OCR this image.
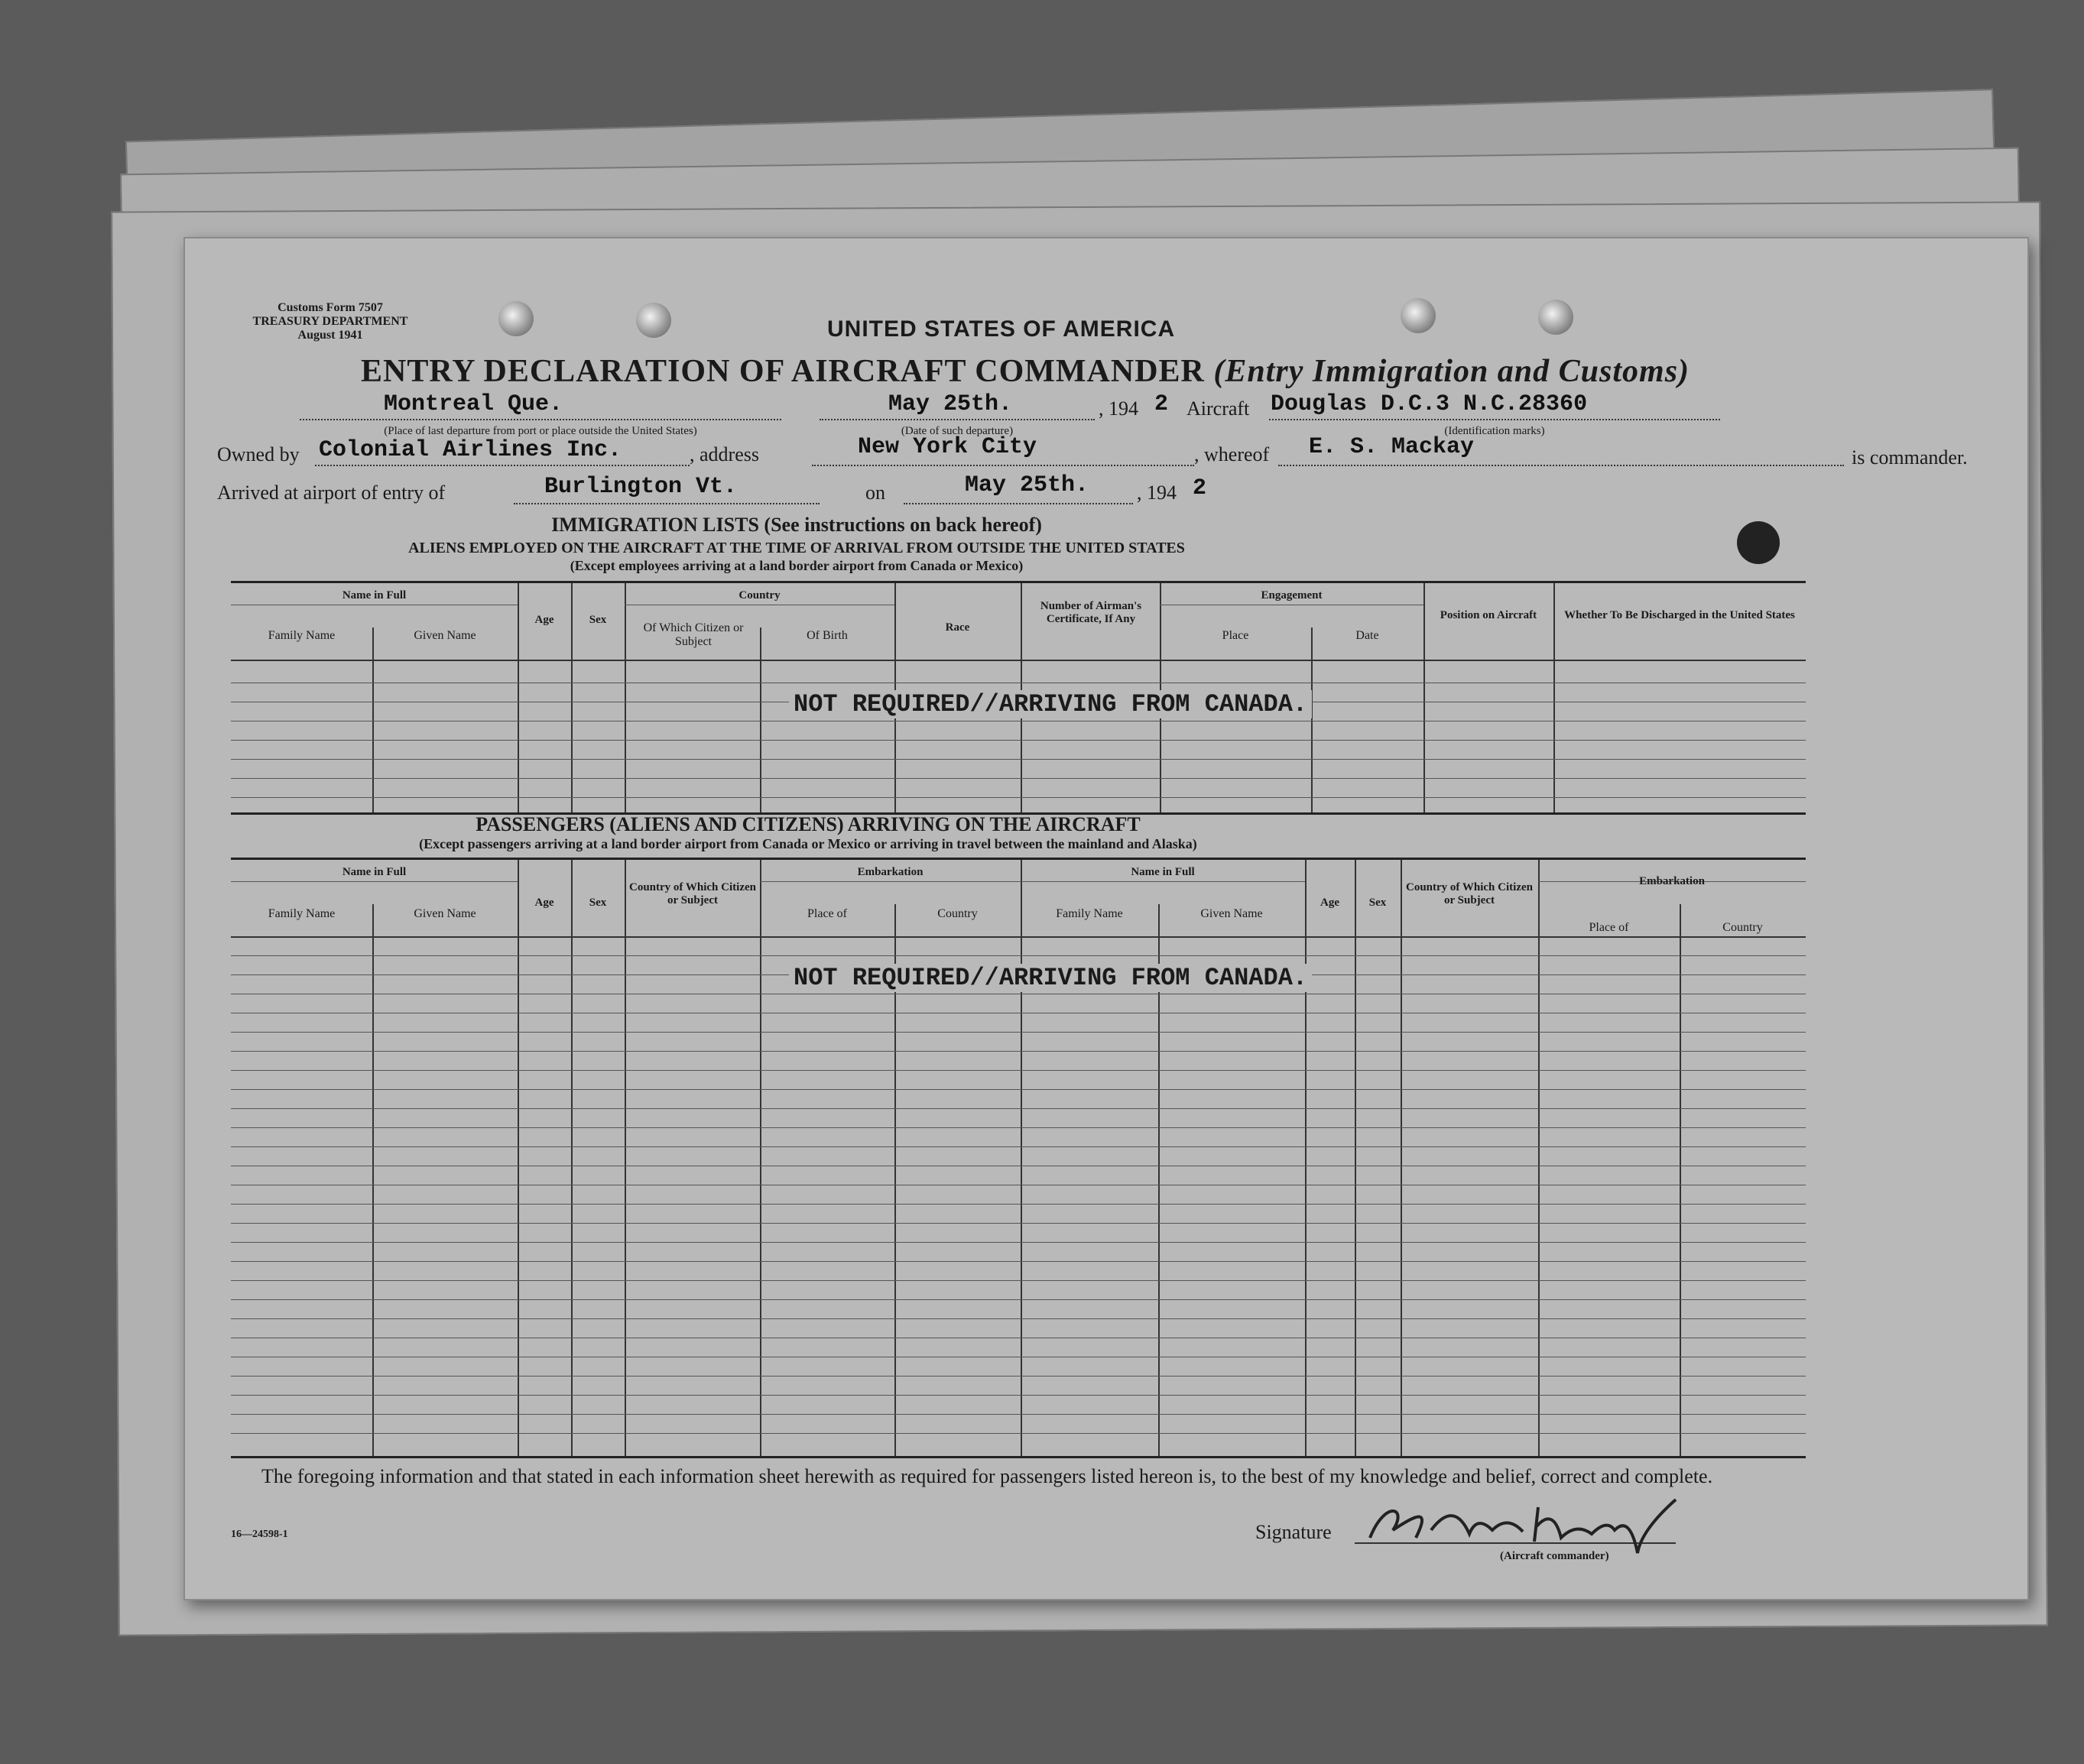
Customs Form 7507
TREASURY DEPARTMENT
August 1941	UNITED STATES OF AMERICA
ENTRY DECLARATION OF AIRCRAFT COMMANDER (Entry Immigration and Customs)
Montreal Que.
(Place of last departure from port or place outside the United States)
May 25th.
(Date of such departure)
, 194 2 Aircraft Douglas D.C.3 N.C.28360
(Identification marks)
Owned by Colonial Airlines Inc.	, address	New York City	, whereof E. S. Mackay	is commander.
Arrived at airport of entry of	Burlington Vt.	on	May 25th. , 194 2
IMMIGRATION LISTS (See instructions on back hereof)
ALIENS EMPLOYED ON THE AIRCRAFT AT THE TIME OF ARRIVAL FROM OUTSIDE THE UNITED STATES
(Except employees arriving at a land border airport from Canada or Mexico)
Name in Full
Family Name	Given Name
Age	Sex
Country
Of Which Citizen or Subject	Of Birth
Race
Number of Airman's Certificate, If Any
Engagement
Place	Date
Position on Aircraft	Whether To Be Discharged in the United States
NOT REQUIRED//ARRIVING FROM CANADA.
PASSENGERS (ALIENS AND CITIZENS) ARRIVING ON THE AIRCRAFT
(Except passengers arriving at a land border airport from Canada or Mexico or arriving in travel between the mainland and Alaska)
Name in Full
Family Name	Given Name
Age	Sex
Country of Which Citizen or Subject
Embarkation
Place of	Country
Name in Full
Family Name	Given Name
Age	Sex
Country of Which Citizen or Subject
Embarkation
Place of	Country
NOT REQUIRED//ARRIVING FROM CANADA.
The foregoing information and that stated in each information sheet herewith as required for passengers listed hereon is, to the best of my knowledge and belief, correct and complete.
16—24598-1	Signature
(Aircraft commander)
